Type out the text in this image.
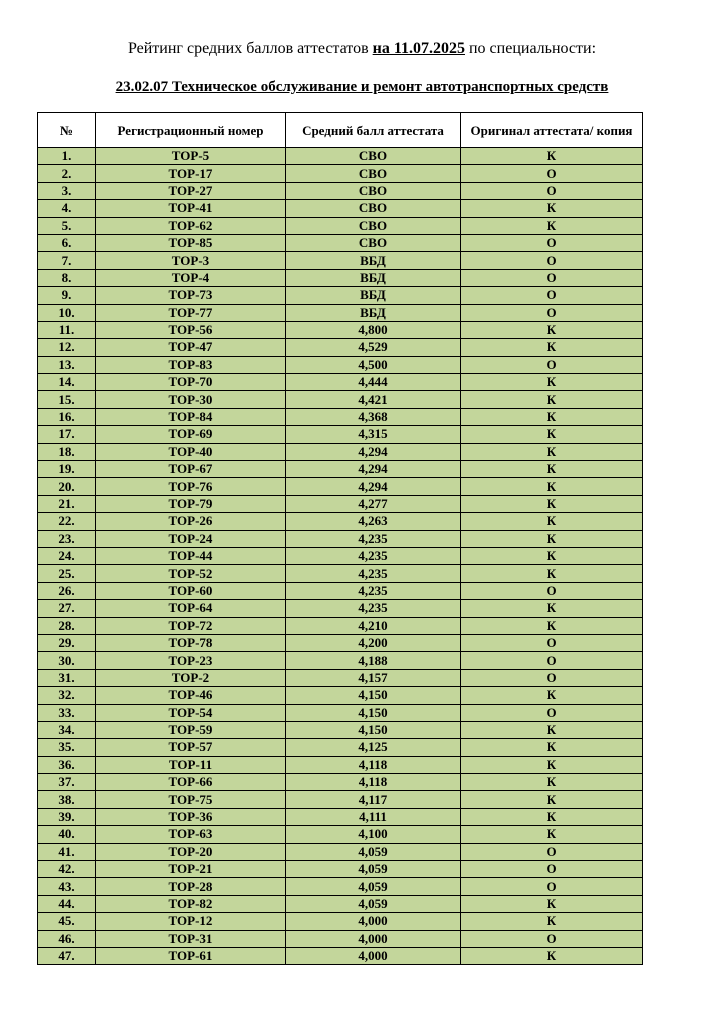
Рейтинг средних баллов аттестатов на 11.07.2025 по специальности:
23.02.07 Техническое обслуживание и ремонт автотранспортных средств
№	Регистрационный номер	Средний балл аттестата	Оригинал аттестата/ копия
1.	ТОР-5	СВО	К
2.	ТОР-17	СВО	О
3.	ТОР-27	СВО	О
4.	ТОР-41	СВО	К
5.	ТОР-62	СВО	К
6.	ТОР-85	СВО	О
7.	ТОР-3	ВБД	О
8.	ТОР-4	ВБД	О
9.	ТОР-73	ВБД	О
10.	ТОР-77	ВБД	О
11.	ТОР-56	4,800	К
12.	ТОР-47	4,529	К
13.	ТОР-83	4,500	О
14.	ТОР-70	4,444	К
15.	ТОР-30	4,421	К
16.	ТОР-84	4,368	К
17.	ТОР-69	4,315	К
18.	ТОР-40	4,294	К
19.	ТОР-67	4,294	К
20.	ТОР-76	4,294	К
21.	ТОР-79	4,277	К
22.	ТОР-26	4,263	К
23.	ТОР-24	4,235	К
24.	ТОР-44	4,235	К
25.	ТОР-52	4,235	К
26.	ТОР-60	4,235	О
27.	ТОР-64	4,235	К
28.	ТОР-72	4,210	К
29.	ТОР-78	4,200	О
30.	ТОР-23	4,188	О
31.	ТОР-2	4,157	О
32.	ТОР-46	4,150	К
33.	ТОР-54	4,150	О
34.	ТОР-59	4,150	К
35.	ТОР-57	4,125	К
36.	ТОР-11	4,118	К
37.	ТОР-66	4,118	К
38.	ТОР-75	4,117	К
39.	ТОР-36	4,111	К
40.	ТОР-63	4,100	К
41.	ТОР-20	4,059	О
42.	ТОР-21	4,059	О
43.	ТОР-28	4,059	О
44.	ТОР-82	4,059	К
45.	ТОР-12	4,000	К
46.	ТОР-31	4,000	О
47.	ТОР-61	4,000	К
